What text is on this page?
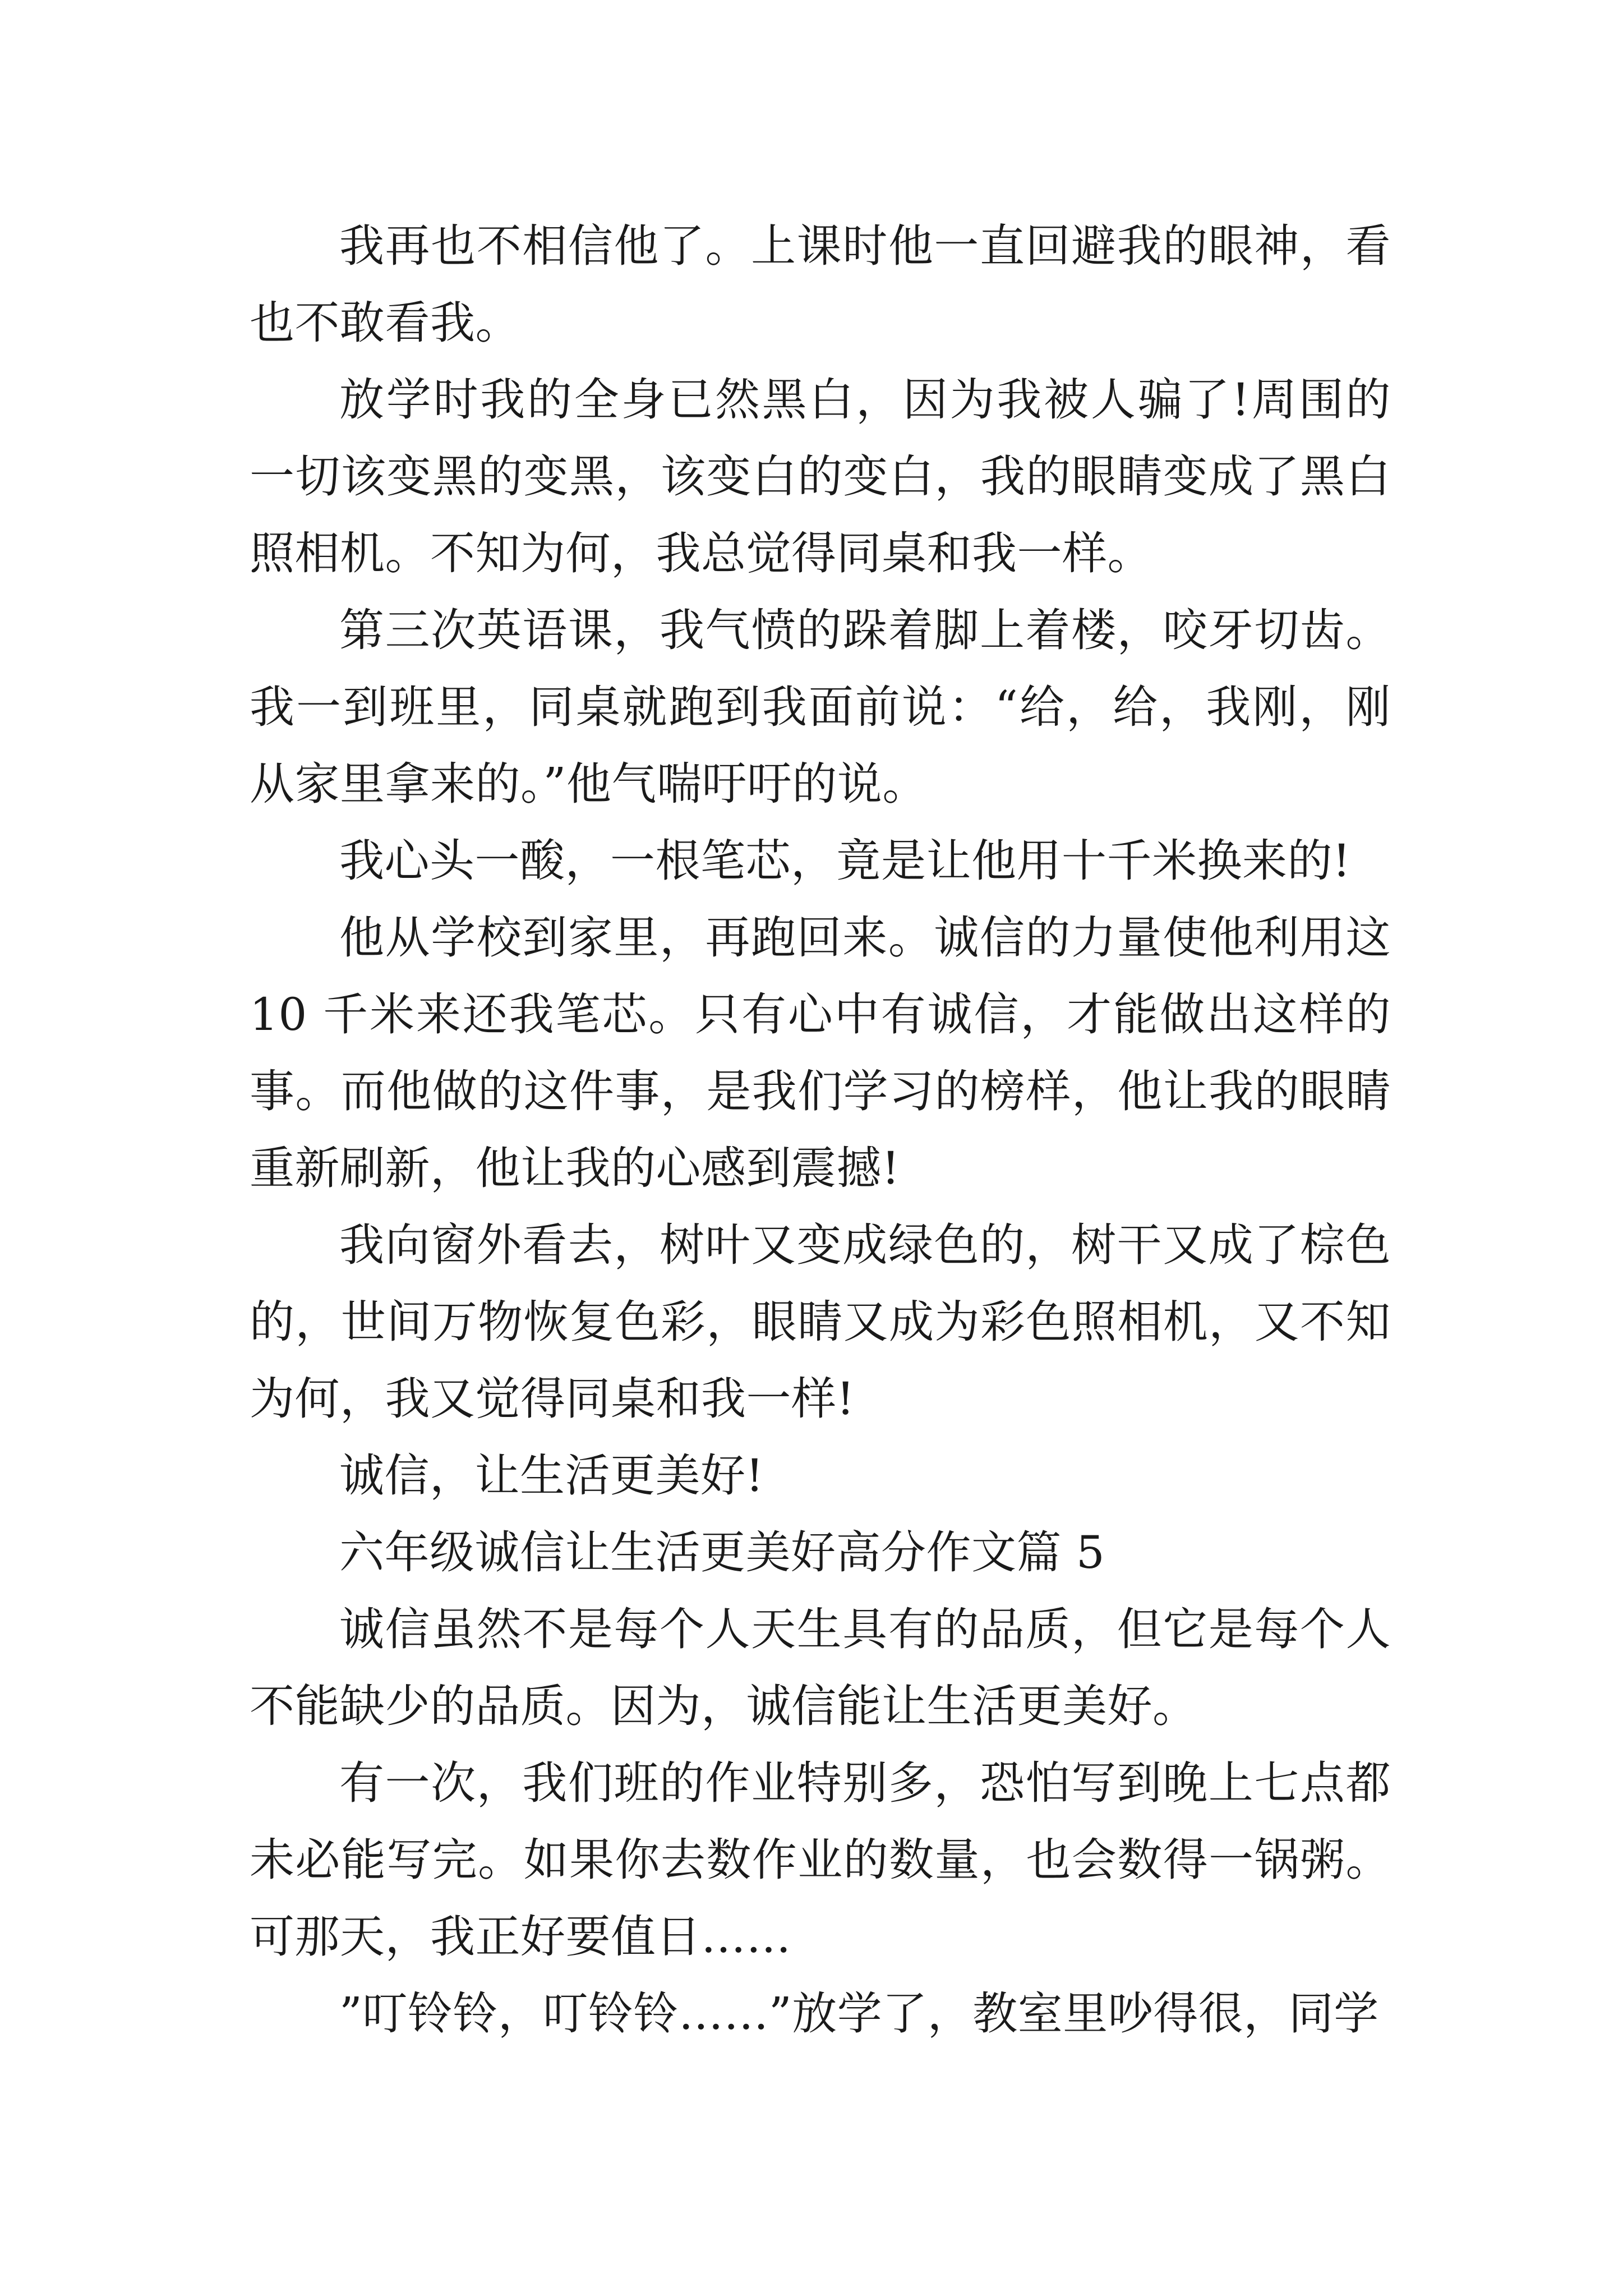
我再也不相信他了。上课时他一直回避我的眼神，看也不敢看我。

放学时我的全身已然黑白，因为我被人骗了!周围的一切该变黑的变黑，该变白的变白，我的眼睛变成了黑白照相机。不知为何，我总觉得同桌和我一样。

第三次英语课，我气愤的跺着脚上着楼，咬牙切齿。我一到班里，同桌就跑到我面前说：“给，给，我刚，刚从家里拿来的。”他气喘吁吁的说。

我心头一酸，一根笔芯，竟是让他用十千米换来的!

他从学校到家里，再跑回来。诚信的力量使他利用这 10 千米来还我笔芯。只有心中有诚信，才能做出这样的事。而他做的这件事，是我们学习的榜样，他让我的眼睛重新刷新，他让我的心感到震撼!

我向窗外看去，树叶又变成绿色的，树干又成了棕色的，世间万物恢复色彩，眼睛又成为彩色照相机，又不知为何，我又觉得同桌和我一样!

诚信，让生活更美好!

六年级诚信让生活更美好高分作文篇 5

诚信虽然不是每个人天生具有的品质，但它是每个人不能缺少的品质。因为，诚信能让生活更美好。

有一次，我们班的作业特别多，恐怕写到晚上七点都未必能写完。如果你去数作业的数量，也会数得一锅粥。可那天，我正好要值日……

”叮铃铃，叮铃铃……”放学了，教室里吵得很，同学
